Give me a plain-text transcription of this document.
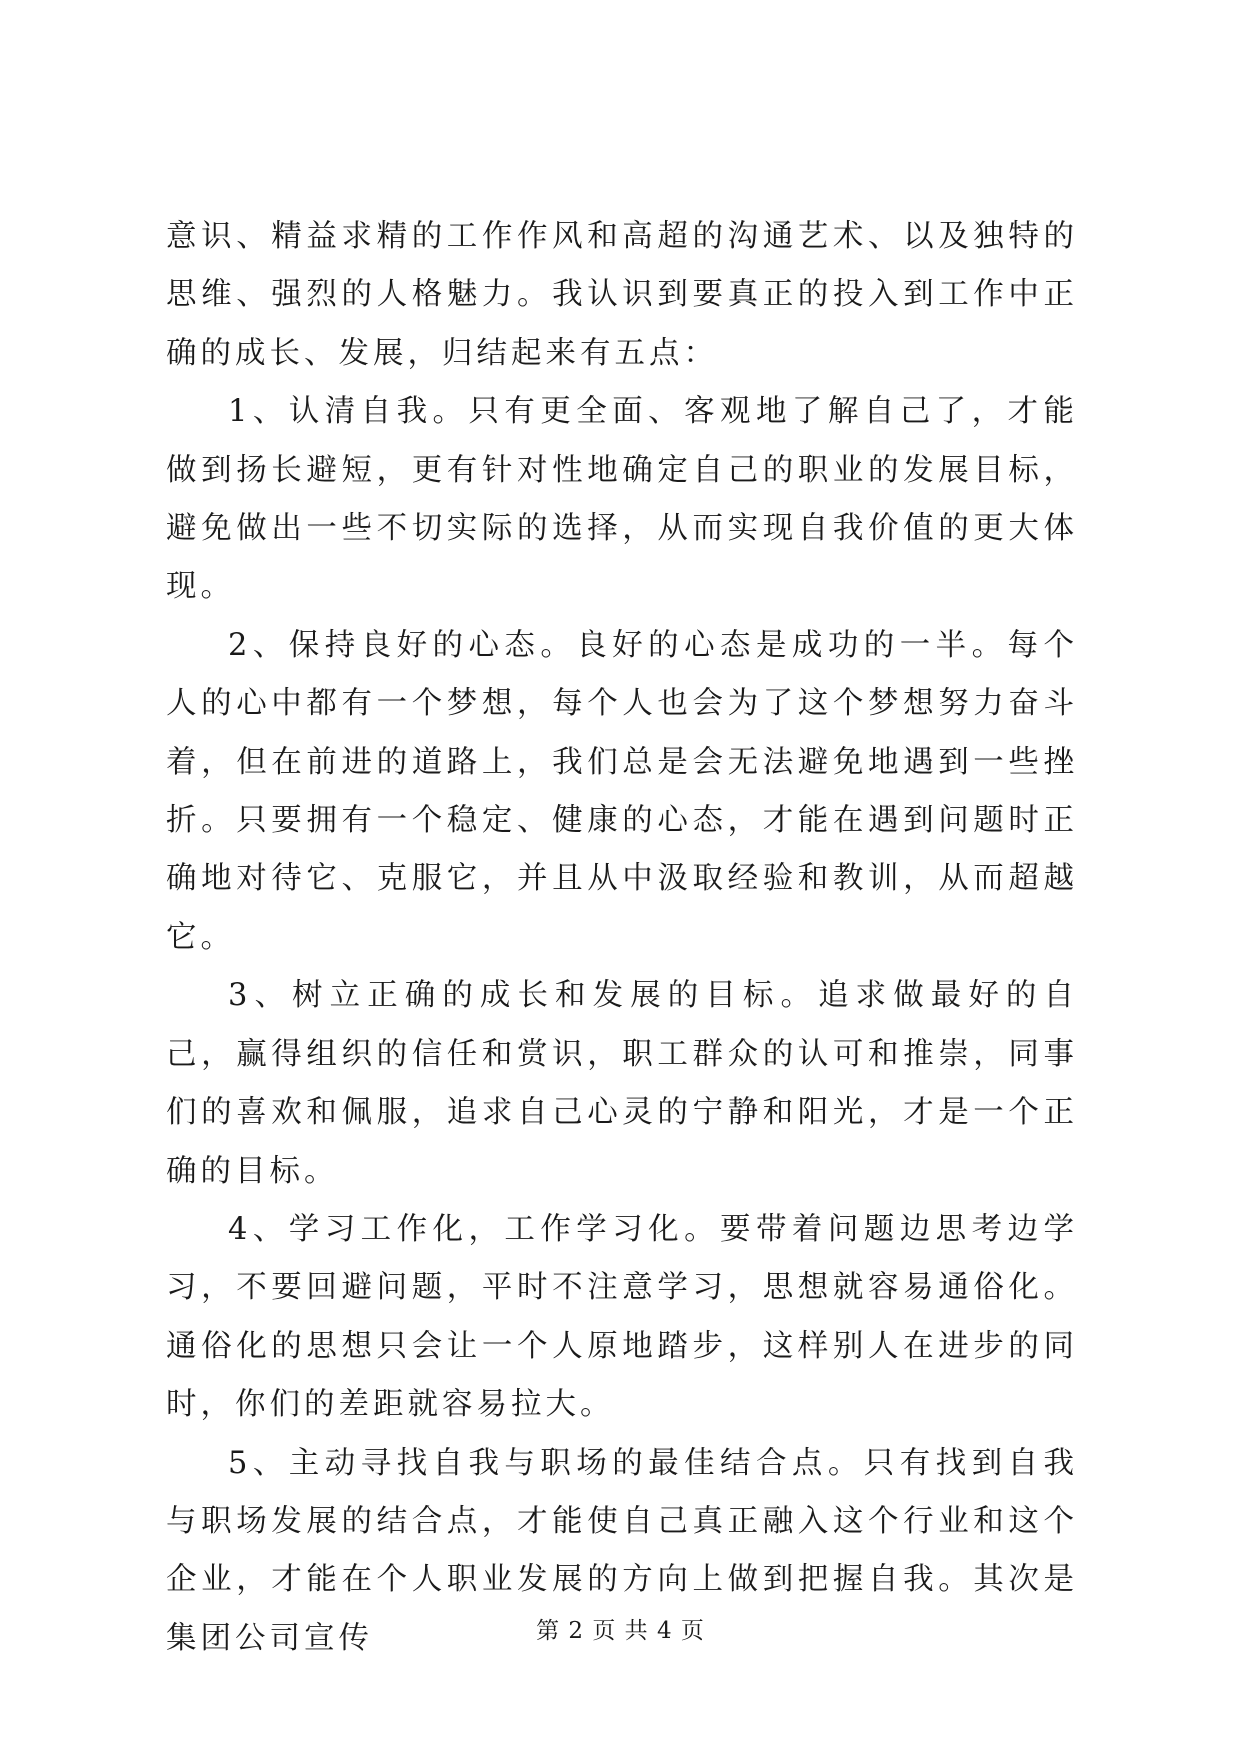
意识、精益求精的工作作风和高超的沟通艺术、以及独特的思维、强烈的人格魅力。我认识到要真正的投入到工作中正确的成长、发展，归结起来有五点：

1、认清自我。只有更全面、客观地了解自己了，才能做到扬长避短，更有针对性地确定自己的职业的发展目标，避免做出一些不切实际的选择，从而实现自我价值的更大体现。

2、保持良好的心态。良好的心态是成功的一半。每个人的心中都有一个梦想，每个人也会为了这个梦想努力奋斗着，但在前进的道路上，我们总是会无法避免地遇到一些挫折。只要拥有一个稳定、健康的心态，才能在遇到问题时正确地对待它、克服它，并且从中汲取经验和教训，从而超越它。

3、树立正确的成长和发展的目标。追求做最好的自己，赢得组织的信任和赏识，职工群众的认可和推崇，同事们的喜欢和佩服，追求自己心灵的宁静和阳光，才是一个正确的目标。

4、学习工作化，工作学习化。要带着问题边思考边学习，不要回避问题，平时不注意学习，思想就容易通俗化。通俗化的思想只会让一个人原地踏步，这样别人在进步的同时，你们的差距就容易拉大。

5、主动寻找自我与职场的最佳结合点。只有找到自我与职场发展的结合点，才能使自己真正融入这个行业和这个企业，才能在个人职业发展的方向上做到把握自我。其次是集团公司宣传	第 2 页 共 4 页
